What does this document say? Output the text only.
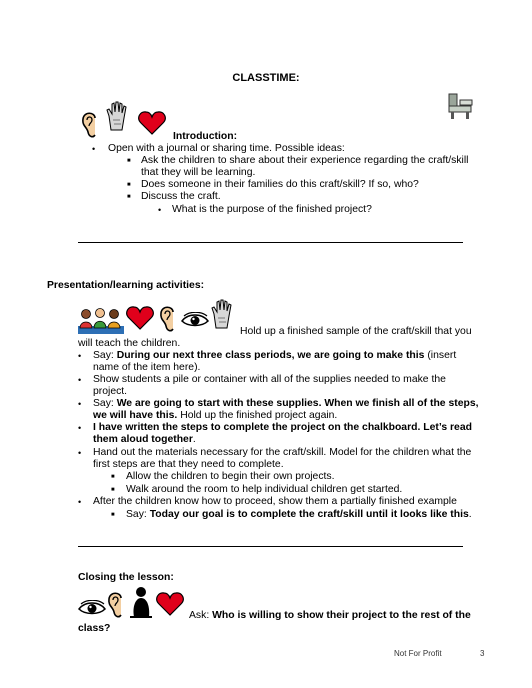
CLASSTIME:
Introduction:
• Open with a journal or sharing time. Possible ideas:
■ Ask the children to share about their experience regarding the craft/skill
that they will be learning.
■ Does someone in their families do this craft/skill? If so, who?
■ Discuss the craft.
• What is the purpose of the finished project?
Presentation/learning activities:
Hold up a finished sample of the craft/skill that you
will teach the children.
• Say: During our next three class periods, we are going to make this (insert
name of the item here).
• Show students a pile or container with all of the supplies needed to make the
project.
• Say: We are going to start with these supplies. When we finish all of the steps,
we will have this. Hold up the finished project again.
• I have written the steps to complete the project on the chalkboard. Let’s read
them aloud together.
• Hand out the materials necessary for the craft/skill. Model for the children what the
first steps are that they need to complete.
■ Allow the children to begin their own projects.
■ Walk around the room to help individual children get started.
• After the children know how to proceed, show them a partially finished example
■ Say: Today our goal is to complete the craft/skill until it looks like this.
Closing the lesson:
Ask: Who is willing to show their project to the rest of the
class?
Not For Profit	3
